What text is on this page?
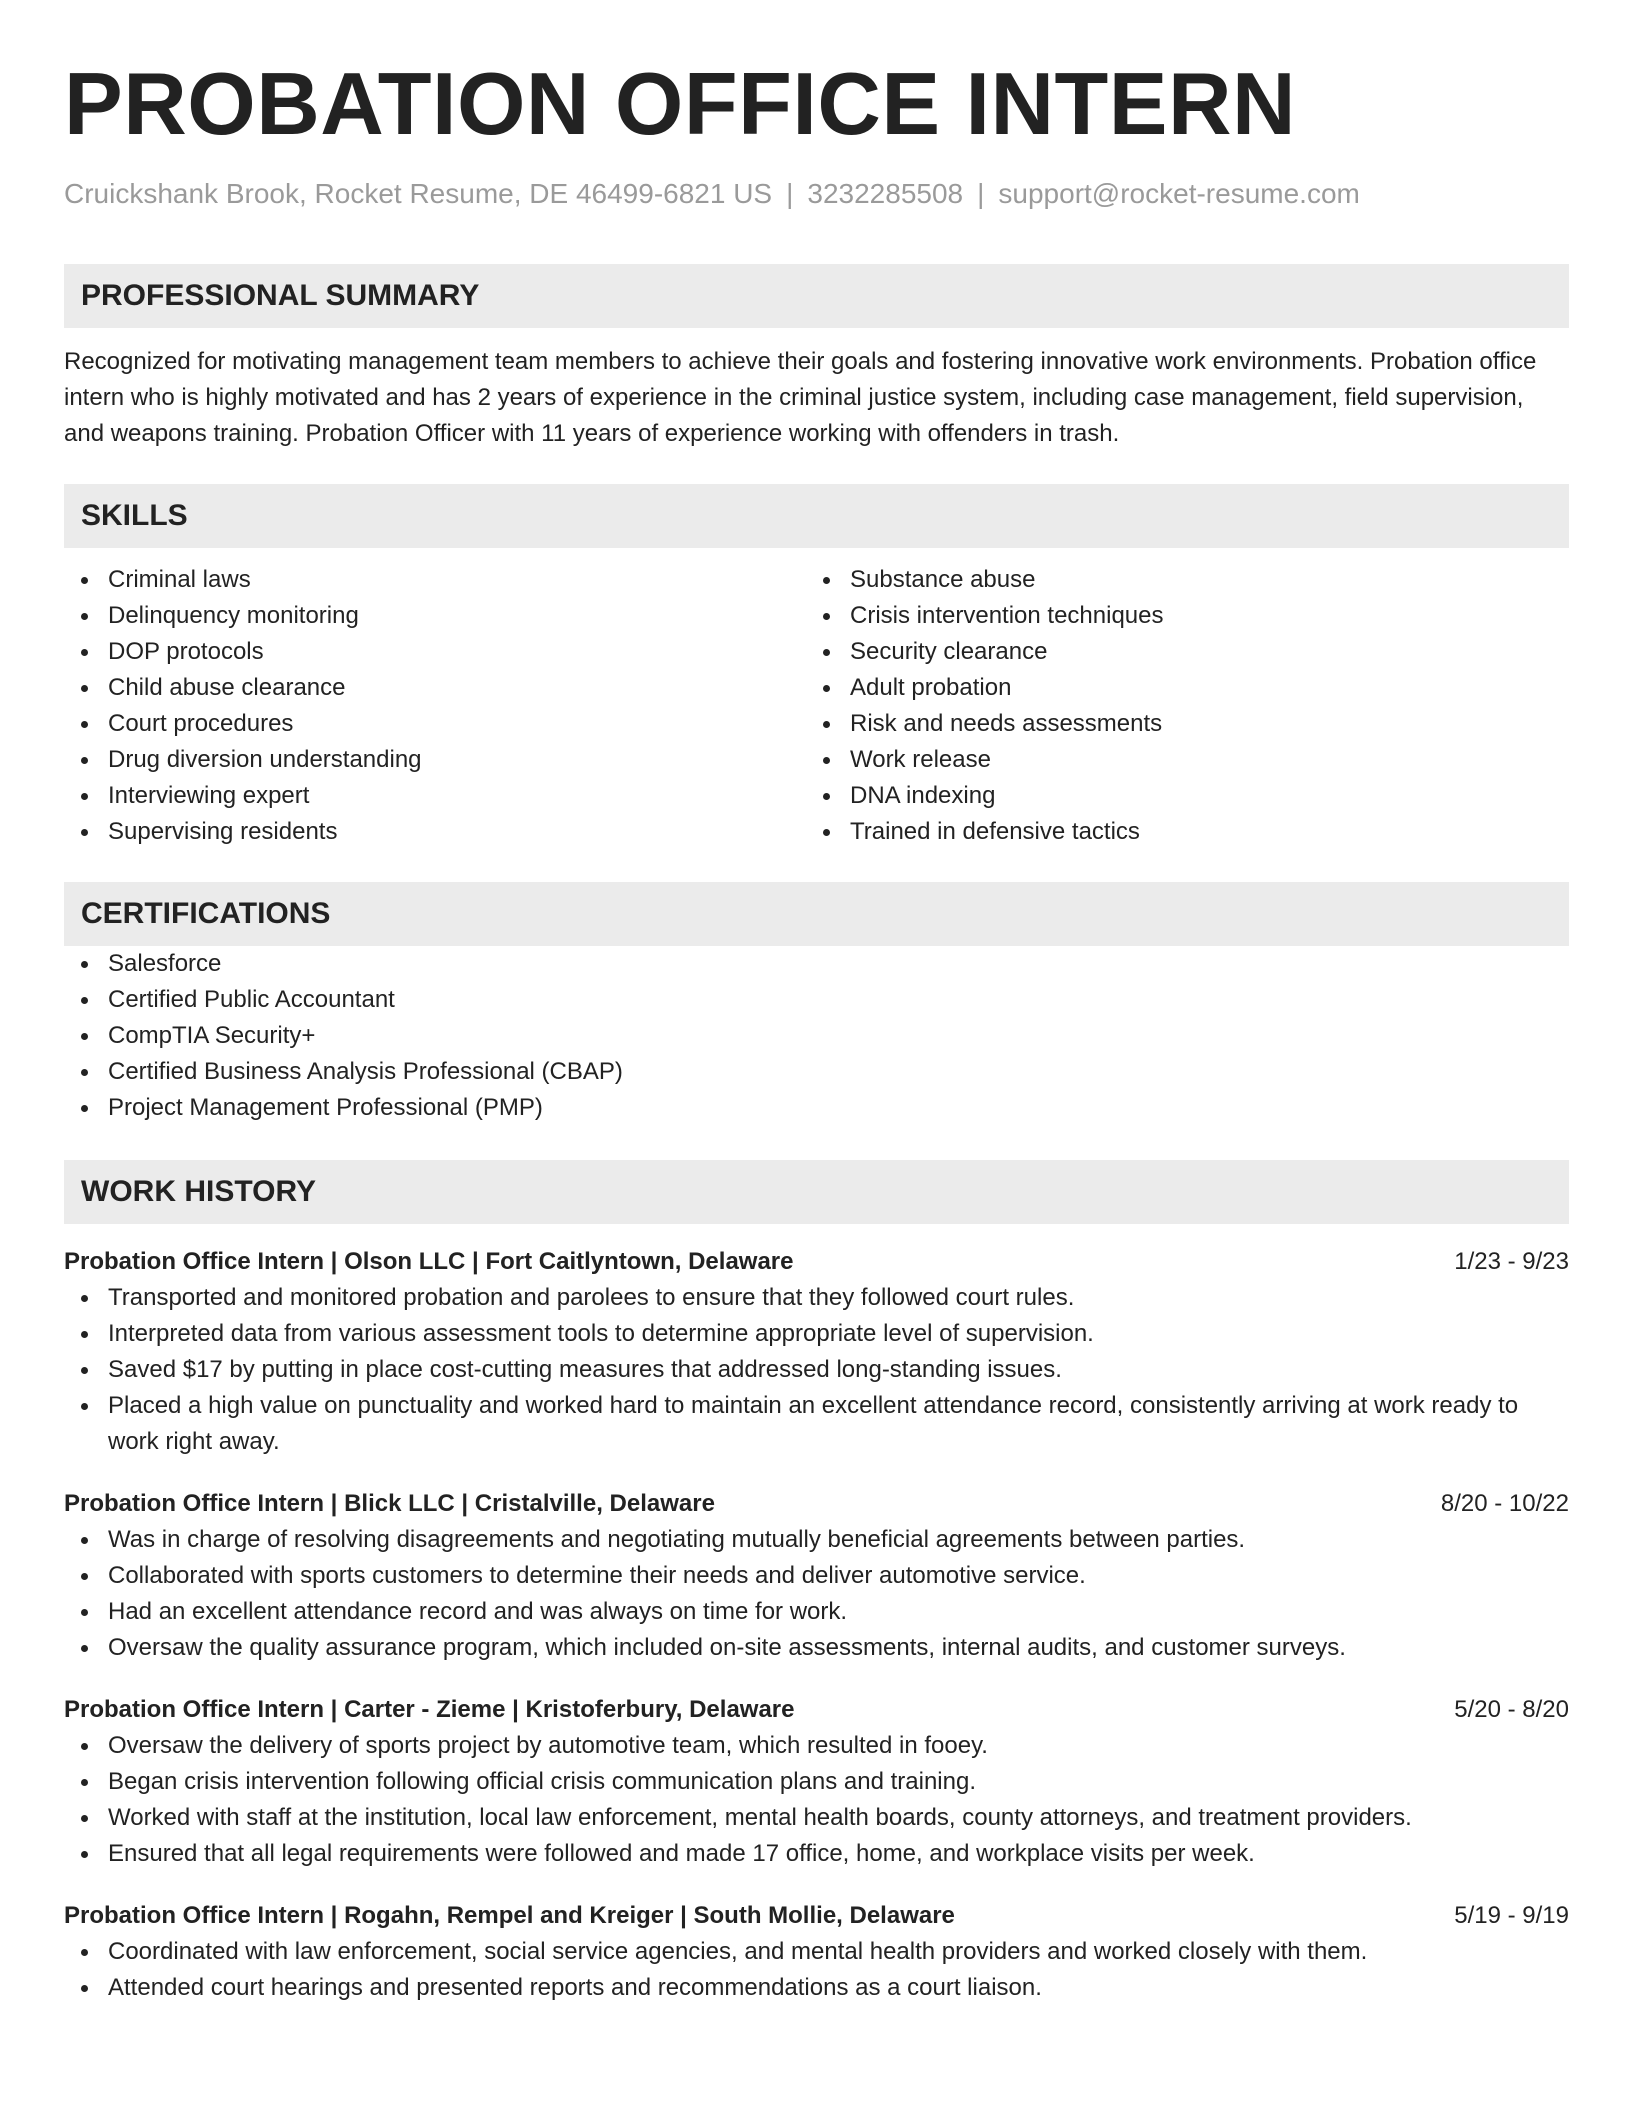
PROBATION OFFICE INTERN
Cruickshank Brook, Rocket Resume, DE 46499-6821 US | 3232285508 | support@rocket-resume.com
PROFESSIONAL SUMMARY
Recognized for motivating management team members to achieve their goals and fostering innovative work environments. Probation office intern who is highly motivated and has 2 years of experience in the criminal justice system, including case management, field supervision, and weapons training. Probation Officer with 11 years of experience working with offenders in trash.
SKILLS
Criminal laws
Delinquency monitoring
DOP protocols
Child abuse clearance
Court procedures
Drug diversion understanding
Interviewing expert
Supervising residents
Substance abuse
Crisis intervention techniques
Security clearance
Adult probation
Risk and needs assessments
Work release
DNA indexing
Trained in defensive tactics
CERTIFICATIONS
Salesforce
Certified Public Accountant
CompTIA Security+
Certified Business Analysis Professional (CBAP)
Project Management Professional (PMP)
WORK HISTORY
Probation Office Intern | Olson LLC | Fort Caitlyntown, Delaware	1/23 - 9/23
Transported and monitored probation and parolees to ensure that they followed court rules.
Interpreted data from various assessment tools to determine appropriate level of supervision.
Saved $17 by putting in place cost-cutting measures that addressed long-standing issues.
Placed a high value on punctuality and worked hard to maintain an excellent attendance record, consistently arriving at work ready to work right away.
Probation Office Intern | Blick LLC | Cristalville, Delaware	8/20 - 10/22
Was in charge of resolving disagreements and negotiating mutually beneficial agreements between parties.
Collaborated with sports customers to determine their needs and deliver automotive service.
Had an excellent attendance record and was always on time for work.
Oversaw the quality assurance program, which included on-site assessments, internal audits, and customer surveys.
Probation Office Intern | Carter - Zieme | Kristoferbury, Delaware	5/20 - 8/20
Oversaw the delivery of sports project by automotive team, which resulted in fooey.
Began crisis intervention following official crisis communication plans and training.
Worked with staff at the institution, local law enforcement, mental health boards, county attorneys, and treatment providers.
Ensured that all legal requirements were followed and made 17 office, home, and workplace visits per week.
Probation Office Intern | Rogahn, Rempel and Kreiger | South Mollie, Delaware	5/19 - 9/19
Coordinated with law enforcement, social service agencies, and mental health providers and worked closely with them.
Attended court hearings and presented reports and recommendations as a court liaison.
